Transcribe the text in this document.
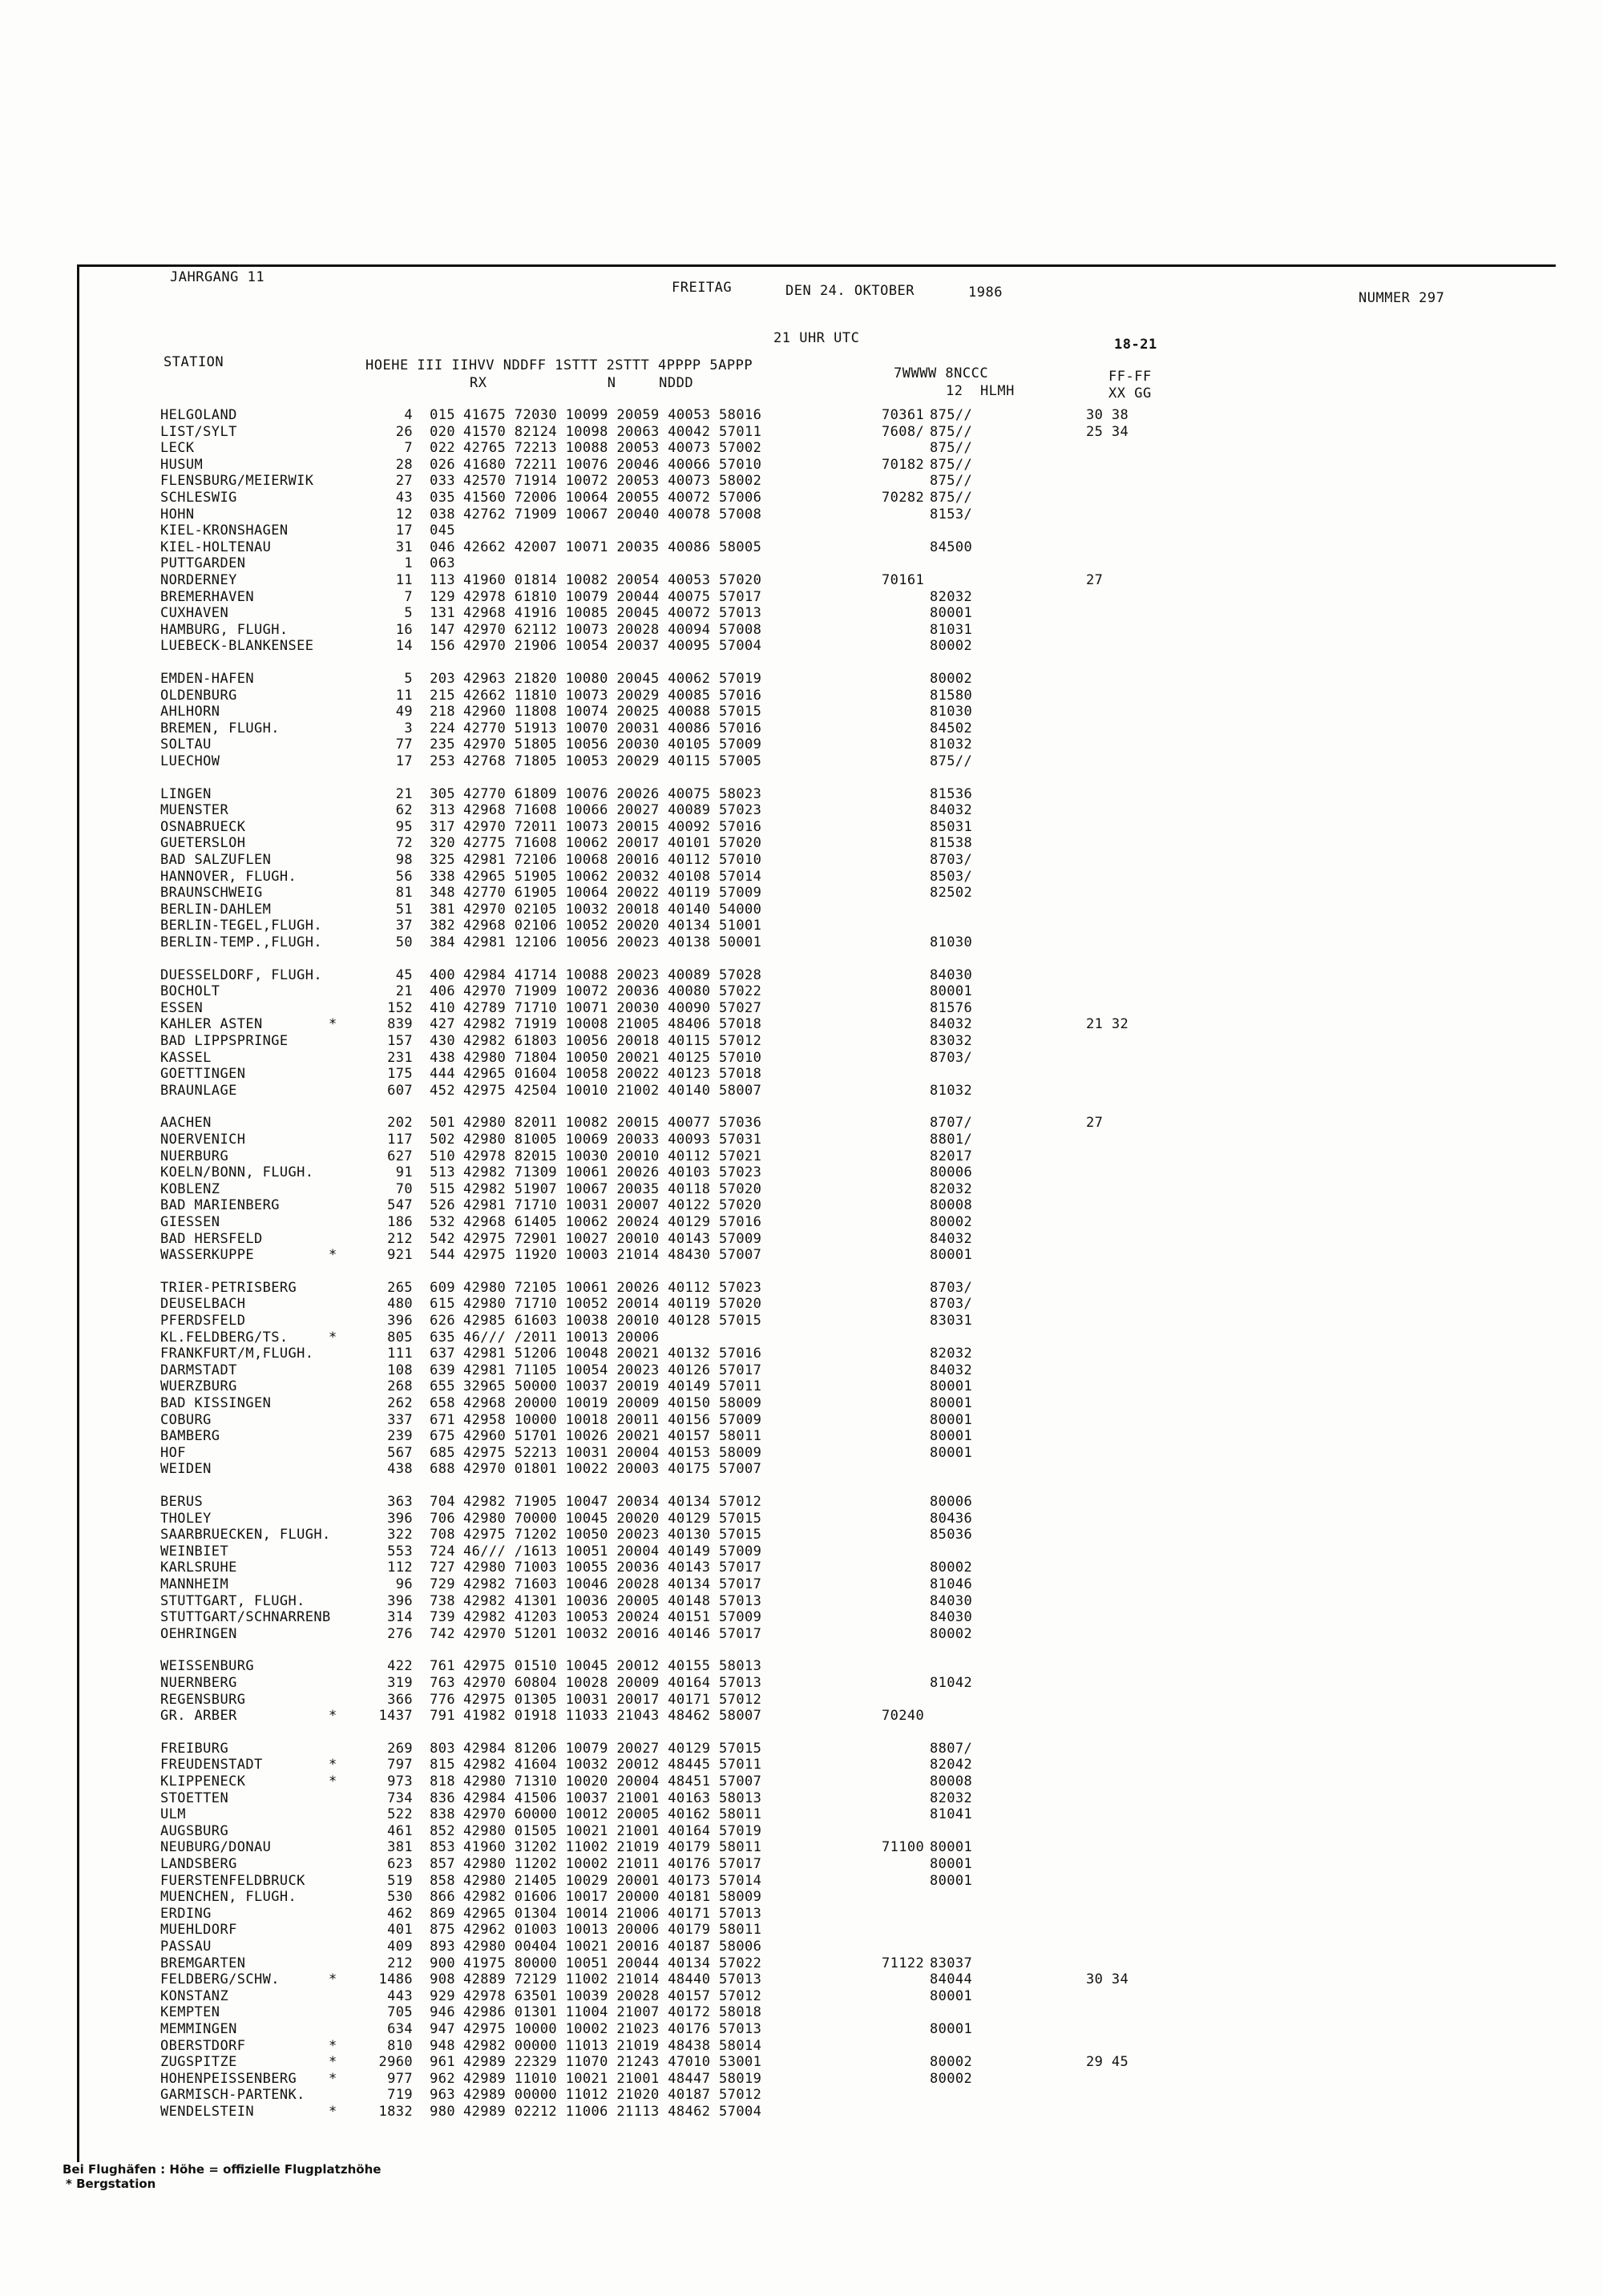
JAHRGANG 11
FREITAG	DEN 24. OKTOBER	1986	NUMMER 297
21 UHR UTC	18-21
STATION	HOEHE III IIHVV NDDFF 1STTT 2STTT 4PPPP 5APPP
RX              N     NDDD
7WWWW 8NCCC
12  HLMH
FF-FF
XX GG
HELGOLAND	4	015 41675 72030 10099 20059 40053 58016	70361 875//	30 38
LIST/SYLT	26	020 41570 82124 10098 20063 40042 57011	7608/ 875//	25 34
LECK	7	022 42765 72213 10088 20053 40073 57002	875//
HUSUM	28	026 41680 72211 10076 20046 40066 57010	70182 875//
FLENSBURG/MEIERWIK	27	033 42570 71914 10072 20053 40073 58002	875//
SCHLESWIG	43	035 41560 72006 10064 20055 40072 57006	70282 875//
HOHN	12	038 42762 71909 10067 20040 40078 57008	8153/
KIEL-KRONSHAGEN	17	045
KIEL-HOLTENAU	31	046 42662 42007 10071 20035 40086 58005	84500
PUTTGARDEN	1	063
NORDERNEY	11	113 41960 01814 10082 20054 40053 57020	70161	27
BREMERHAVEN	7	129 42978 61810 10079 20044 40075 57017	82032
CUXHAVEN	5	131 42968 41916 10085 20045 40072 57013	80001
HAMBURG, FLUGH.	16	147 42970 62112 10073 20028 40094 57008	81031
LUEBECK-BLANKENSEE	14	156 42970 21906 10054 20037 40095 57004	80002
EMDEN-HAFEN	5	203 42963 21820 10080 20045 40062 57019	80002
OLDENBURG	11	215 42662 11810 10073 20029 40085 57016	81580
AHLHORN	49	218 42960 11808 10074 20025 40088 57015	81030
BREMEN, FLUGH.	3	224 42770 51913 10070 20031 40086 57016	84502
SOLTAU	77	235 42970 51805 10056 20030 40105 57009	81032
LUECHOW	17	253 42768 71805 10053 20029 40115 57005	875//
LINGEN	21	305 42770 61809 10076 20026 40075 58023	81536
MUENSTER	62	313 42968 71608 10066 20027 40089 57023	84032
OSNABRUECK	95	317 42970 72011 10073 20015 40092 57016	85031
GUETERSLOH	72	320 42775 71608 10062 20017 40101 57020	81538
BAD SALZUFLEN	98	325 42981 72106 10068 20016 40112 57010	8703/
HANNOVER, FLUGH.	56	338 42965 51905 10062 20032 40108 57014	8503/
BRAUNSCHWEIG	81	348 42770 61905 10064 20022 40119 57009	82502
BERLIN-DAHLEM	51	381 42970 02105 10032 20018 40140 54000
BERLIN-TEGEL,FLUGH.	37	382 42968 02106 10052 20020 40134 51001
BERLIN-TEMP.,FLUGH.	50	384 42981 12106 10056 20023 40138 50001	81030
DUESSELDORF, FLUGH.	45	400 42984 41714 10088 20023 40089 57028	84030
BOCHOLT	21	406 42970 71909 10072 20036 40080 57022	80001
ESSEN	152	410 42789 71710 10071 20030 40090 57027	81576
KAHLER ASTEN	*	839	427 42982 71919 10008 21005 48406 57018	84032	21 32
BAD LIPPSPRINGE	157	430 42982 61803 10056 20018 40115 57012	83032
KASSEL	231	438 42980 71804 10050 20021 40125 57010	8703/
GOETTINGEN	175	444 42965 01604 10058 20022 40123 57018
BRAUNLAGE	607	452 42975 42504 10010 21002 40140 58007	81032
AACHEN	202	501 42980 82011 10082 20015 40077 57036	8707/	27
NOERVENICH	117	502 42980 81005 10069 20033 40093 57031	8801/
NUERBURG	627	510 42978 82015 10030 20010 40112 57021	82017
KOELN/BONN, FLUGH.	91	513 42982 71309 10061 20026 40103 57023	80006
KOBLENZ	70	515 42982 51907 10067 20035 40118 57020	82032
BAD MARIENBERG	547	526 42981 71710 10031 20007 40122 57020	80008
GIESSEN	186	532 42968 61405 10062 20024 40129 57016	80002
BAD HERSFELD	212	542 42975 72901 10027 20010 40143 57009	84032
WASSERKUPPE	*	921	544 42975 11920 10003 21014 48430 57007	80001
TRIER-PETRISBERG	265	609 42980 72105 10061 20026 40112 57023	8703/
DEUSELBACH	480	615 42980 71710 10052 20014 40119 57020	8703/
PFERDSFELD	396	626 42985 61603 10038 20010 40128 57015	83031
KL.FELDBERG/TS.	*	805	635 46/// /2011 10013 20006
FRANKFURT/M,FLUGH.	111	637 42981 51206 10048 20021 40132 57016	82032
DARMSTADT	108	639 42981 71105 10054 20023 40126 57017	84032
WUERZBURG	268	655 32965 50000 10037 20019 40149 57011	80001
BAD KISSINGEN	262	658 42968 20000 10019 20009 40150 58009	80001
COBURG	337	671 42958 10000 10018 20011 40156 57009	80001
BAMBERG	239	675 42960 51701 10026 20021 40157 58011	80001
HOF	567	685 42975 52213 10031 20004 40153 58009	80001
WEIDEN	438	688 42970 01801 10022 20003 40175 57007
BERUS	363	704 42982 71905 10047 20034 40134 57012	80006
THOLEY	396	706 42980 70000 10045 20020 40129 57015	80436
SAARBRUECKEN, FLUGH.	322	708 42975 71202 10050 20023 40130 57015	85036
WEINBIET	553	724 46/// /1613 10051 20004 40149 57009
KARLSRUHE	112	727 42980 71003 10055 20036 40143 57017	80002
MANNHEIM	96	729 42982 71603 10046 20028 40134 57017	81046
STUTTGART, FLUGH.	396	738 42982 41301 10036 20005 40148 57013	84030
STUTTGART/SCHNARRENB	314	739 42982 41203 10053 20024 40151 57009	84030
OEHRINGEN	276	742 42970 51201 10032 20016 40146 57017	80002
WEISSENBURG	422	761 42975 01510 10045 20012 40155 58013
NUERNBERG	319	763 42970 60804 10028 20009 40164 57013	81042
REGENSBURG	366	776 42975 01305 10031 20017 40171 57012
GR. ARBER	*	1437	791 41982 01918 11033 21043 48462 58007	70240
FREIBURG	269	803 42984 81206 10079 20027 40129 57015	8807/
FREUDENSTADT	*	797	815 42982 41604 10032 20012 48445 57011	82042
KLIPPENECK	*	973	818 42980 71310 10020 20004 48451 57007	80008
STOETTEN	734	836 42984 41506 10037 21001 40163 58013	82032
ULM	522	838 42970 60000 10012 20005 40162 58011	81041
AUGSBURG	461	852 42980 01505 10021 21001 40164 57019
NEUBURG/DONAU	381	853 41960 31202 11002 21019 40179 58011	71100 80001
LANDSBERG	623	857 42980 11202 10002 21011 40176 57017	80001
FUERSTENFELDBRUCK	519	858 42980 21405 10029 20001 40173 57014	80001
MUENCHEN, FLUGH.	530	866 42982 01606 10017 20000 40181 58009
ERDING	462	869 42965 01304 10014 21006 40171 57013
MUEHLDORF	401	875 42962 01003 10013 20006 40179 58011
PASSAU	409	893 42980 00404 10021 20016 40187 58006
BREMGARTEN	212	900 41975 80000 10051 20044 40134 57022	71122 83037
FELDBERG/SCHW.	*	1486	908 42889 72129 11002 21014 48440 57013	84044	30 34
KONSTANZ	443	929 42978 63501 10039 20028 40157 57012	80001
KEMPTEN	705	946 42986 01301 11004 21007 40172 58018
MEMMINGEN	634	947 42975 10000 10002 21023 40176 57013	80001
OBERSTDORF	*	810	948 42982 00000 11013 21019 48438 58014
ZUGSPITZE	*	2960	961 42989 22329 11070 21243 47010 53001	80002	29 45
HOHENPEISSENBERG	*	977	962 42989 11010 10021 21001 48447 58019	80002
GARMISCH-PARTENK.	719	963 42989 00000 11012 21020 40187 57012
WENDELSTEIN	*	1832	980 42989 02212 11006 21113 48462 57004
Bei Flughäfen : Höhe = offizielle Flugplatzhöhe
* Bergstation
